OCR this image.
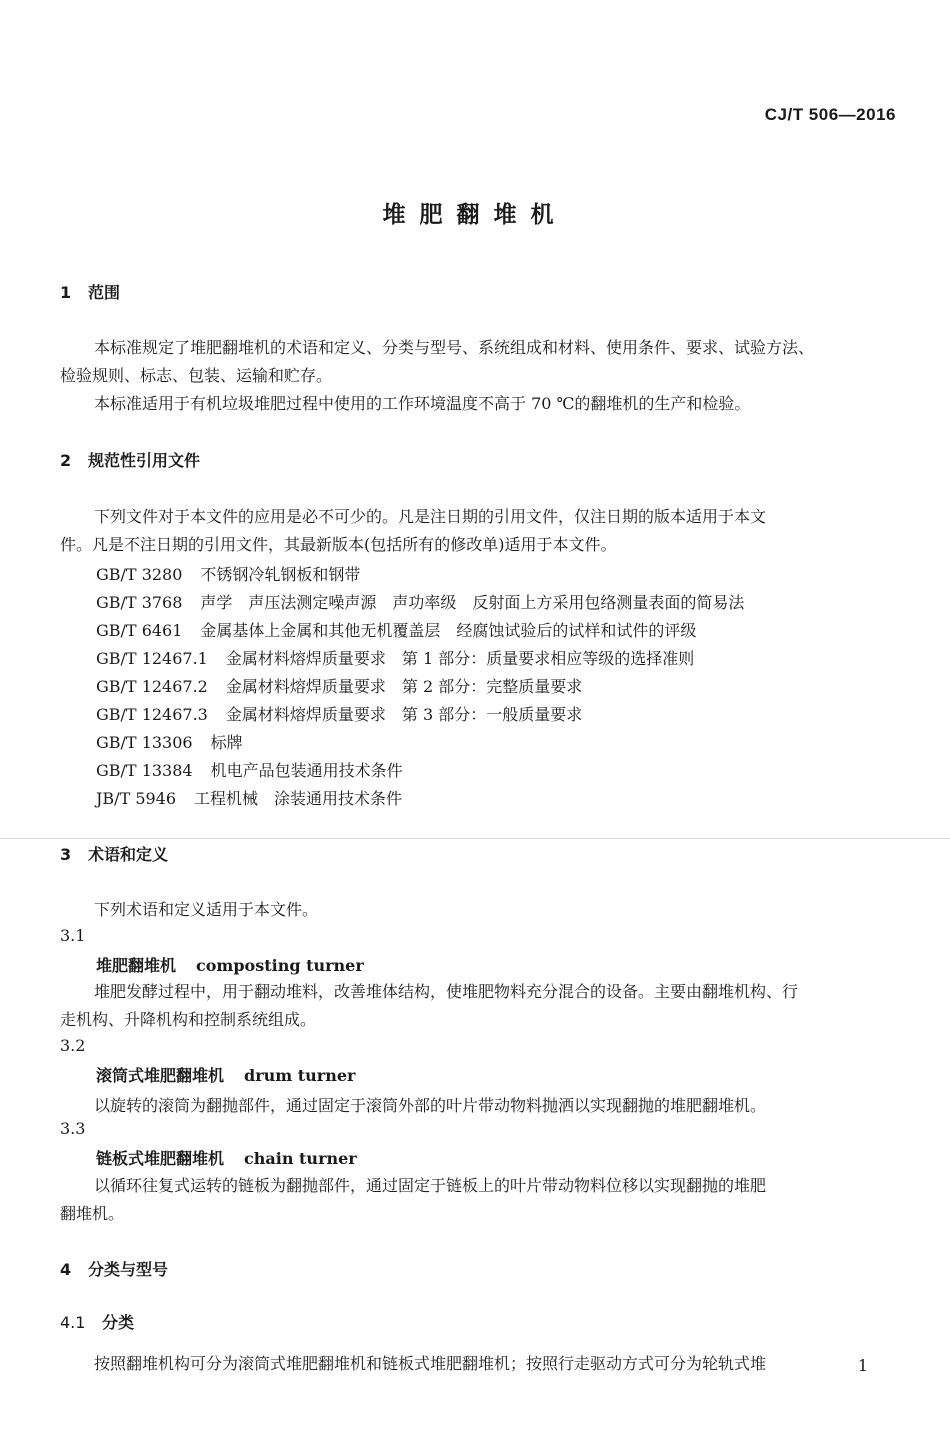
CJ/T 506—2016
堆肥翻堆机
1 范围
本标准规定了堆肥翻堆机的术语和定义、分类与型号、系统组成和材料、使用条件、要求、试验方法、
检验规则、标志、包装、运输和贮存。
本标准适用于有机垃圾堆肥过程中使用的工作环境温度不高于 70 ℃的翻堆机的生产和检验。
2 规范性引用文件
下列文件对于本文件的应用是必不可少的。凡是注日期的引用文件，仅注日期的版本适用于本文
件。凡是不注日期的引用文件，其最新版本(包括所有的修改单)适用于本文件。
GB/T 3280 不锈钢冷轧钢板和钢带
GB/T 3768 声学　声压法测定噪声源　声功率级　反射面上方采用包络测量表面的简易法
GB/T 6461 金属基体上金属和其他无机覆盖层　经腐蚀试验后的试样和试件的评级
GB/T 12467.1 金属材料熔焊质量要求　第 1 部分：质量要求相应等级的选择准则
GB/T 12467.2 金属材料熔焊质量要求　第 2 部分：完整质量要求
GB/T 12467.3 金属材料熔焊质量要求　第 3 部分：一般质量要求
GB/T 13306 标牌
GB/T 13384 机电产品包装通用技术条件
JB/T 5946 工程机械　涂装通用技术条件
3 术语和定义
下列术语和定义适用于本文件。
3.1
堆肥翻堆机 composting turner
堆肥发酵过程中，用于翻动堆料，改善堆体结构，使堆肥物料充分混合的设备。主要由翻堆机构、行
走机构、升降机构和控制系统组成。
3.2
滚筒式堆肥翻堆机 drum turner
以旋转的滚筒为翻抛部件，通过固定于滚筒外部的叶片带动物料抛洒以实现翻抛的堆肥翻堆机。
3.3
链板式堆肥翻堆机 chain turner
以循环往复式运转的链板为翻抛部件，通过固定于链板上的叶片带动物料位移以实现翻抛的堆肥
翻堆机。
4 分类与型号
4.1 分类
按照翻堆机构可分为滚筒式堆肥翻堆机和链板式堆肥翻堆机；按照行走驱动方式可分为轮轨式堆	1
